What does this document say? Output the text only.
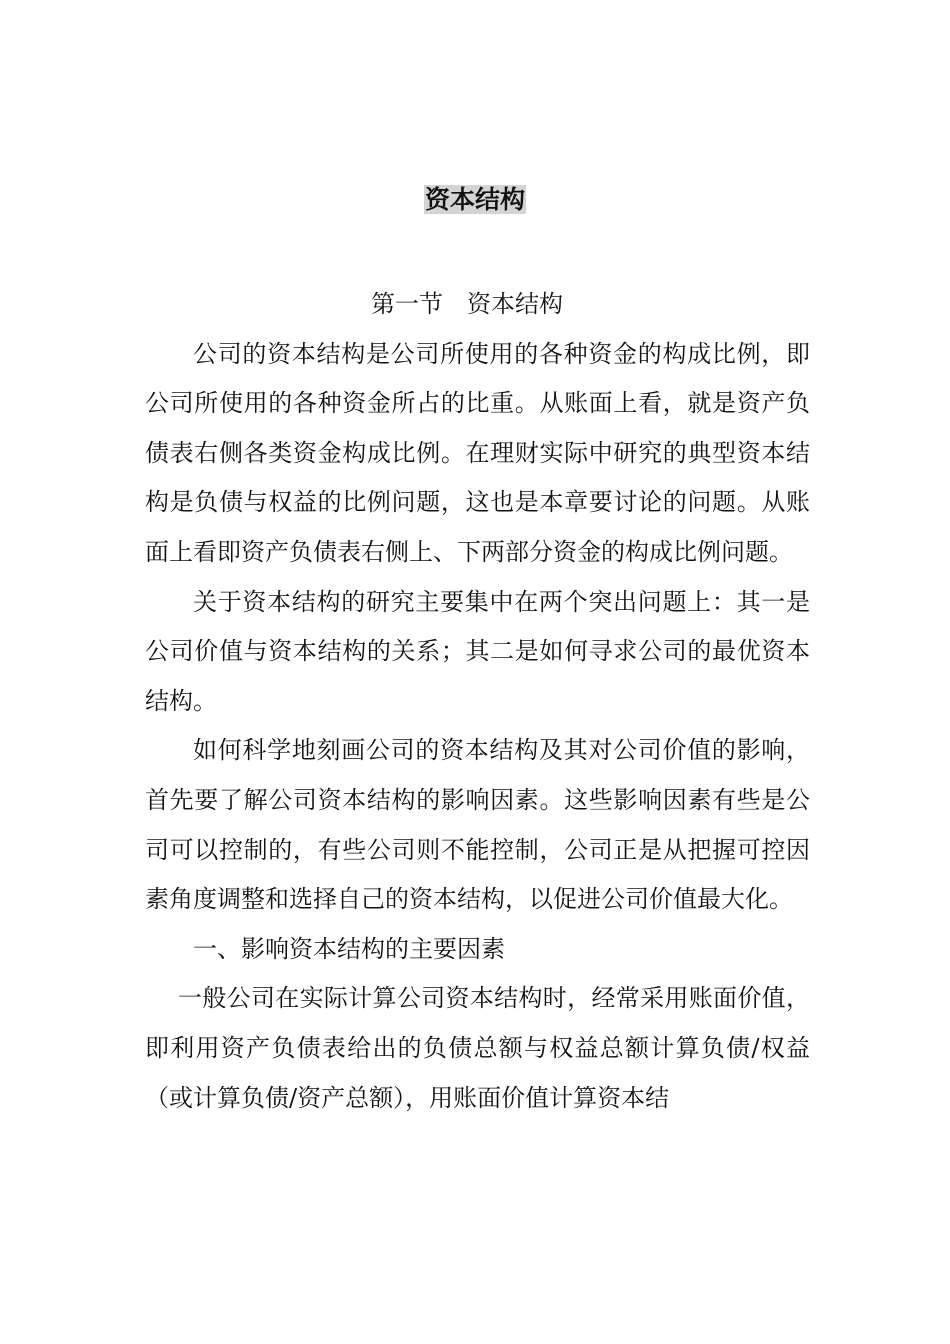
资本结构

第一节　资本结构

公司的资本结构是公司所使用的各种资金的构成比例，即公司所使用的各种资金所占的比重。从账面上看，就是资产负债表右侧各类资金构成比例。在理财实际中研究的典型资本结构是负债与权益的比例问题，这也是本章要讨论的问题。从账面上看即资产负债表右侧上、下两部分资金的构成比例问题。

关于资本结构的研究主要集中在两个突出问题上：其一是公司价值与资本结构的关系；其二是如何寻求公司的最优资本结构。

如何科学地刻画公司的资本结构及其对公司价值的影响，首先要了解公司资本结构的影响因素。这些影响因素有些是公司可以控制的，有些公司则不能控制，公司正是从把握可控因素角度调整和选择自己的资本结构，以促进公司价值最大化。

一、影响资本结构的主要因素

一般公司在实际计算公司资本结构时，经常采用账面价值，即利用资产负债表给出的负债总额与权益总额计算负债/权益（或计算负债/资产总额），用账面价值计算资本结
